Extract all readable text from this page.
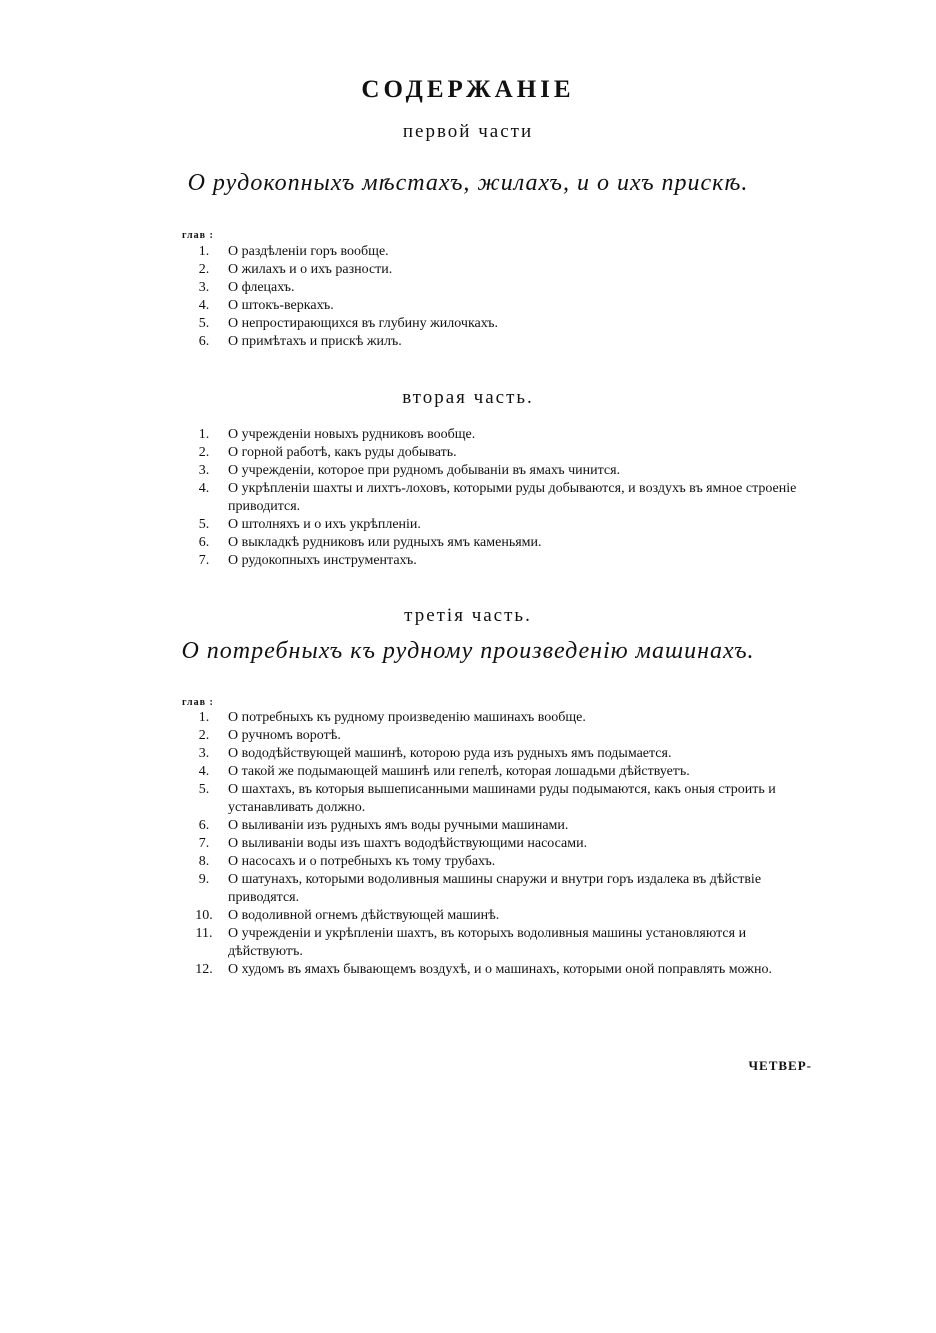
СОДЕРЖАНІЕ
первой части
О рудокопныхъ мѣстахъ, жилахъ, и о ихъ прискѣ.
глав :
1.	О раздѣленіи горъ вообще.
2.	О жилахъ и о ихъ разности.
3.	О флецахъ.
4.	О штокъ-веркахъ.
5.	О непростирающихся въ глубину жилочкахъ.
6.	О примѣтахъ и прискѣ жилъ.
вторая часть.
1.	О учрежденіи новыхъ рудниковъ вообще.
2.	О горной работѣ, какъ руды добывать.
3.	О учрежденіи, которое при рудномъ добываніи въ ямахъ чинится.
4.	О укрѣпленіи шахты и лихтъ-лоховъ, которыми руды добываются, и воздухъ въ ямное строеніе приводится.
5.	О штолняхъ и о ихъ укрѣпленіи.
6.	О выкладкѣ рудниковъ или рудныхъ ямъ каменьями.
7.	О рудокопныхъ инструментахъ.
третія часть.
О потребныхъ къ рудному произведенію машинахъ.
глав :
1.	О потребныхъ къ рудному произведенію машинахъ вообще.
2.	О ручномъ воротѣ.
3.	О вододѣйствующей машинѣ, которою руда изъ рудныхъ ямъ подымается.
4.	О такой же подымающей машинѣ или гепелѣ, которая лошадьми дѣйствуетъ.
5.	О шахтахъ, въ которыя вышеписанными машинами руды подымаются, какъ оныя строить и устанавливать должно.
6.	О выливаніи изъ рудныхъ ямъ воды ручными машинами.
7.	О выливаніи воды изъ шахтъ вододѣйствующими насосами.
8.	О насосахъ и о потребныхъ къ тому трубахъ.
9.	О шатунахъ, которыми водоливныя машины снаружи и внутри горъ издалека въ дѣйствіе приводятся.
10.	О водоливной огнемъ дѣйствующей машинѣ.
11.	О учрежденіи и укрѣпленіи шахтъ, въ которыхъ водоливныя машины установляются и дѣйствуютъ.
12.	О худомъ въ ямахъ бывающемъ воздухѣ, и о машинахъ, которыми оной поправлять можно.
ЧЕТВЕР-
